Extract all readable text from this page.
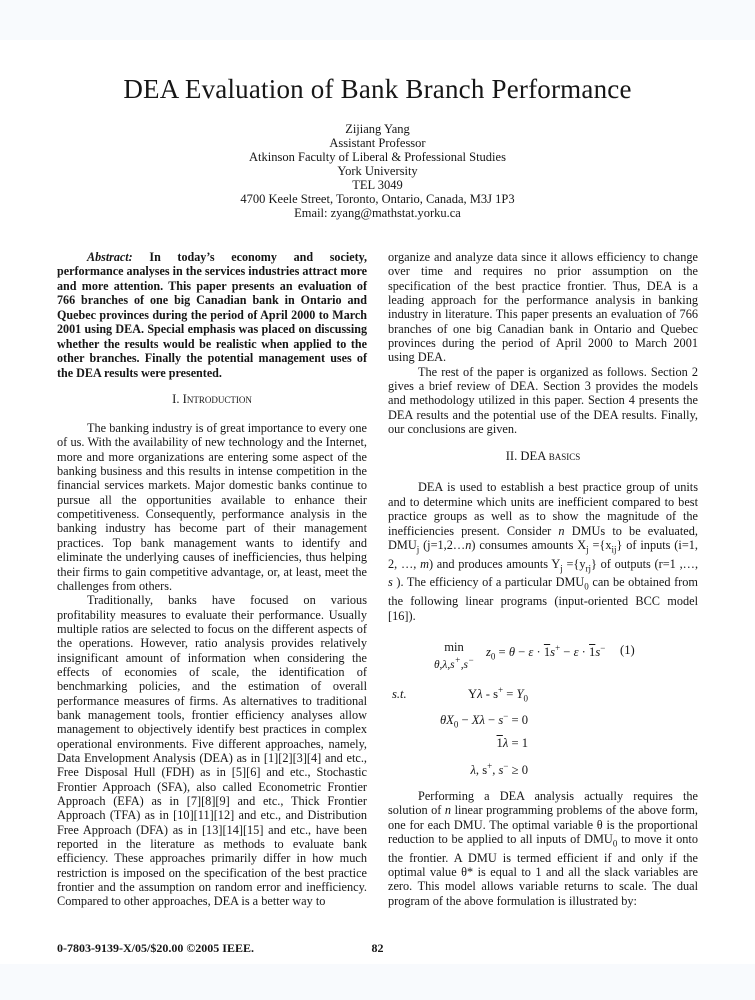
DEA Evaluation of Bank Branch Performance
Zijiang Yang
Assistant Professor
Atkinson Faculty of Liberal & Professional Studies
York University
TEL 3049
4700 Keele Street, Toronto, Ontario, Canada, M3J 1P3
Email: zyang@mathstat.yorku.ca

Abstract: In today’s economy and society, performance analyses in the services industries attract more and more attention. This paper presents an evaluation of 766 branches of one big Canadian bank in Ontario and Quebec provinces during the period of April 2000 to March 2001 using DEA. Special emphasis was placed on discussing whether the results would be realistic when applied to the other branches. Finally the potential management uses of the DEA results were presented.

I. Introduction

The banking industry is of great importance to every one of us. With the availability of new technology and the Internet, more and more organizations are entering some aspect of the banking business and this results in intense competition in the financial services markets. Major domestic banks continue to pursue all the opportunities available to enhance their competitiveness. Consequently, performance analysis in the banking industry has become part of their management practices. Top bank management wants to identify and eliminate the underlying causes of inefficiencies, thus helping their firms to gain competitive advantage, or, at least, meet the challenges from others.

Traditionally, banks have focused on various profitability measures to evaluate their performance. Usually multiple ratios are selected to focus on the different aspects of the operations. However, ratio analysis provides relatively insignificant amount of information when considering the effects of economies of scale, the identification of benchmarking policies, and the estimation of overall performance measures of firms. As alternatives to traditional bank management tools, frontier efficiency analyses allow management to objectively identify best practices in complex operational environments. Five different approaches, namely, Data Envelopment Analysis (DEA) as in [1][2][3][4] and etc., Free Disposal Hull (FDH) as in [5][6] and etc., Stochastic Frontier Approach (SFA), also called Econometric Frontier Approach (EFA) as in [7][8][9] and etc., Thick Frontier Approach (TFA) as in [10][11][12] and etc., and Distribution Free Approach (DFA) as in [13][14][15] and etc., have been reported in the literature as methods to evaluate bank efficiency. These approaches primarily differ in how much restriction is imposed on the specification of the best practice frontier and the assumption on random error and inefficiency. Compared to other approaches, DEA is a better way to

organize and analyze data since it allows efficiency to change over time and requires no prior assumption on the specification of the best practice frontier. Thus, DEA is a leading approach for the performance analysis in banking industry in literature. This paper presents an evaluation of 766 branches of one big Canadian bank in Ontario and Quebec provinces during the period of April 2000 to March 2001 using DEA.

The rest of the paper is organized as follows. Section 2 gives a brief review of DEA. Section 3 provides the models and methodology utilized in this paper. Section 4 presents the DEA results and the potential use of the DEA results. Finally, our conclusions are given.

II. DEA basics

DEA is used to establish a best practice group of units and to determine which units are inefficient compared to best practice groups as well as to show the magnitude of the inefficiencies present. Consider n DMUs to be evaluated, $DMU_j$ (j=1,2…n) consumes amounts $X_j =\{x_{ij}\}$ of inputs (i=1, 2, …, m) and produces amounts $Y_j =\{y_{rj}\}$ of outputs (r=1 ,…, s ). The efficiency of a particular $DMU_0$ can be obtained from the following linear programs (input-oriented BCC model [16]).

min
θ,λ,s+,s−
$z_0 = \theta - \varepsilon \cdot 1s^+ - \varepsilon \cdot 1s^-$ (1)
s.t.	$Y\lambda - s^+ = Y_0$
$\theta X_0 - X\lambda - s^- = 0$
1λ = 1
λ, s+, s− ≥ 0

Performing a DEA analysis actually requires the solution of n linear programming problems of the above form, one for each DMU. The optimal variable θ is the proportional reduction to be applied to all inputs of $DMU_0$ to move it onto the frontier. A DMU is termed efficient if and only if the optimal value θ* is equal to 1 and all the slack variables are zero. This model allows variable returns to scale. The dual program of the above formulation is illustrated by:

0-7803-9139-X/05/$20.00 ©2005 IEEE.	82
